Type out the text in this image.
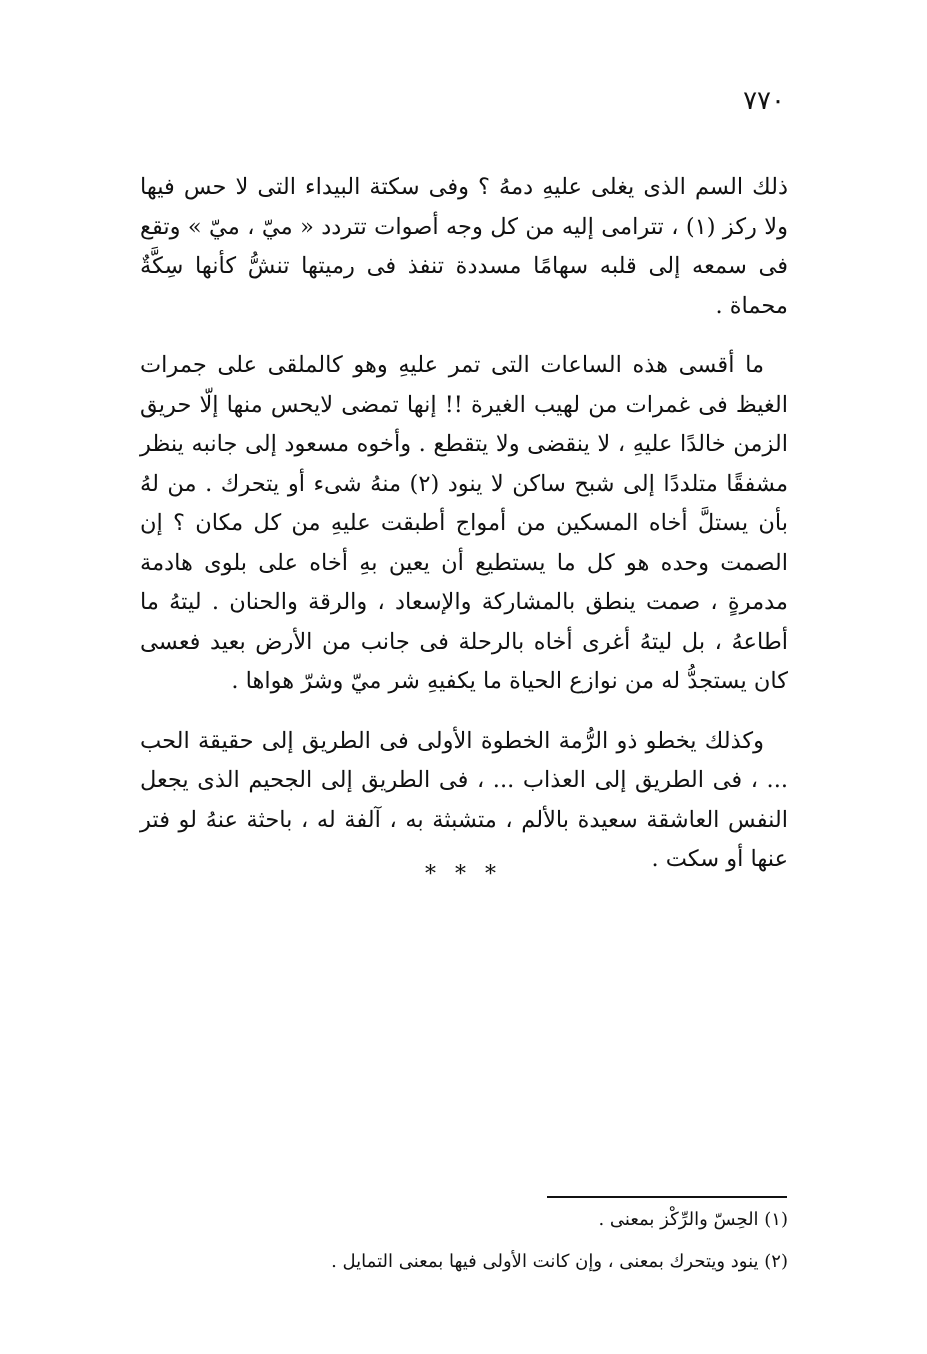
٧٧٠

ذلك السم الذى يغلى عليهِ دمهُ ؟ وفى سكتة البيداء التى لا حس فيها ولا ركز (١) ، تترامى إليه من كل وجه أصوات تتردد « ميّ ، ميّ » وتقع فى سمعه إلى قلبه سهامًا مسددة تنفذ فى رميتها تنشُّ كأنها سِكَّةٌ محماة .

ما أقسى هذه الساعات التى تمر عليهِ وهو كالملقى على جمرات الغيظ فى غمرات من لهيب الغيرة !! إنها تمضى لايحس منها إلّا حريق الزمن خالدًا عليهِ ، لا ينقضى ولا يتقطع . وأخوه مسعود إلى جانبه ينظر مشفقًا متلددًا إلى شبح ساكن لا ينود (٢) منهُ شىء أو يتحرك . من لهُ بأن يستلَّ أخاه المسكين من أمواج أطبقت عليهِ من كل مكان ؟ إن الصمت وحده هو كل ما يستطيع أن يعين بهِ أخاه على بلوى هادمة مدمرةٍ ، صمت ينطق بالمشاركة والإسعاد ، والرقة والحنان . ليتهُ ما أطاعهُ ، بل ليتهُ أغرى أخاه بالرحلة فى جانب من الأرض بعيد فعسى كان يستجدُّ له من نوازع الحياة ما يكفيهِ شر ميّ وشرّ هواها .

وكذلك يخطو ذو الرُّمة الخطوة الأولى فى الطريق إلى حقيقة الحب ... ، فى الطريق إلى العذاب ... ، فى الطريق إلى الجحيم الذى يجعل النفس العاشقة سعيدة بالألم ، متشبثة به ، آلفة له ، باحثة عنهُ لو فتر عنها أو سكت .

* * *

(١) الحِسّ والرِّكْز بمعنى .

(٢) ينود ويتحرك بمعنى ، وإن كانت الأولى فيها بمعنى التمايل .
